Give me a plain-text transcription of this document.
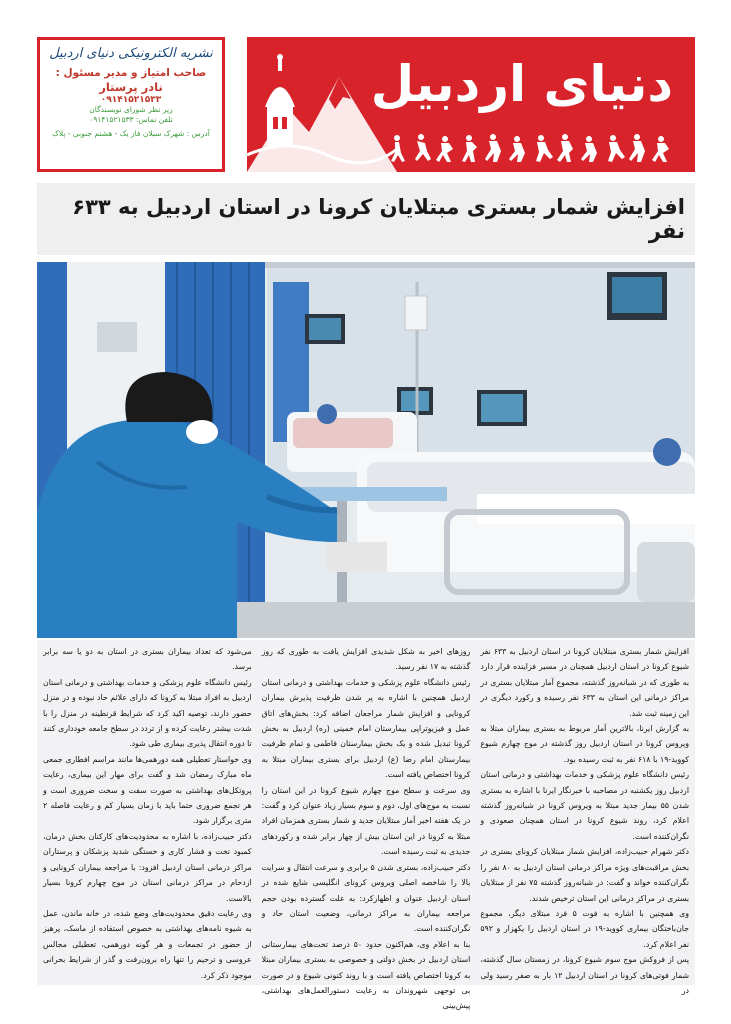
نشریه الکترونیکی دنیای اردبیل
صاحب امتیاز و مدیر مسئول :
نادر پرستار
۰۹۱۴۱۵۲۱۵۳۳
زیر نظر شورای نویسندگان
تلفن تماس: ۰۹۱۴۱۵۲۱۵۳۳
آدرس : شهرک سبلان فاز یک - هشتم جنوبی - پلاک
دنیای اردبیل
افزایش شمار بستری مبتلایان کرونا در استان اردبیل به ۶۳۳ نفر

افزایش شمار بستری مبتلایان کرونا در استان اردبیل به ۶۳۳ نفر شیوع کرونا در استان اردبیل همچنان در مسیر فزاینده قرار دارد به طوری که در شبانه‌روز گذشته، مجموع آمار مبتلایان بستری در مراکز درمانی این استان به ۶۳۳ نفر رسیده و رکورد دیگری در این زمینه ثبت شد.

به گزارش ایرنا، بالاترین آمار مربوط به بستری بیماران مبتلا به ویروس کرونا در استان اردبیل روز گذشته در موج چهارم شیوع کووید-۱۹ با ۶۱۸ نفر به ثبت رسیده بود.

رئیس دانشگاه علوم پزشکی و خدمات بهداشتی و درمانی استان اردبیل روز یکشنبه در مصاحبه با خبرنگار ایرنا با اشاره به بستری شدن ۵۵ بیمار جدید مبتلا به ویروس کرونا در شبانه‌روز گذشته اعلام کرد، روند شیوع کرونا در استان همچنان صعودی و نگران‌کننده است.

دکتر شهرام حبیب‌زاده، افزایش شمار مبتلایان کرونای بستری در بخش مراقبت‌های ویژه مراکز درمانی استان اردبیل به ۸۰ نفر را نگران‌کننده خواند و گفت: در شبانه‌روز گذشته ۷۵ نفر از مبتلایان بستری در مراکز درمانی این استان ترخیص شدند.

وی همچنین با اشاره به فوت ۵ فرد مبتلای دیگر، مجموع جان‌باختگان بیماری کووید-۱۹ در استان اردبیل را یکهزار و ۵۹۲ نفر اعلام کرد.

پس از فروکش موج سوم شیوع کرونا، در زمستان سال گذشته، شمار فوتی‌های کرونا در استان اردبیل ۱۲ بار به صفر رسید ولی در

روزهای اخیر به شکل شدیدی افزایش یافت به طوری که روز گذشته به ۱۷ نفر رسید.

رئیس دانشگاه علوم پزشکی و خدمات بهداشتی و درمانی استان اردبیل همچنین با اشاره به پر شدن ظرفیت پذیرش بیماران کرونایی و افزایش شمار مراجعان اضافه کرد: بخش‌های اتاق عمل و فیزیوتراپی بیمارستان امام خمینی (ره) اردبیل به بخش کرونا تبدیل شده و یک بخش بیمارستان فاطمی و تمام ظرفیت بیمارستان امام رضا (ع) اردبیل برای بستری بیماران مبتلا به کرونا اختصاص یافته است.

وی سرعت و سطح موج چهارم شیوع کرونا در این استان را نسبت به موج‌های اول، دوم و سوم بسیار زیاد عنوان کرد و گفت: در یک هفته اخیر آمار مبتلایان جدید و شمار بستری همزمان افراد مبتلا به کرونا در این استان بیش از چهار برابر شده و رکوردهای جدیدی به ثبت رسیده است.

دکتر حبیب‌زاده، بستری شدن ۵ برابری و سرعت انتقال و سرایت بالا را شاخصه اصلی ویروس کرونای انگلیسی شایع شده در استان اردبیل عنوان و اظهارکرد: به علت گسترده بودن حجم مراجعه بیماران به مراکز درمانی، وضعیت استان حاد و نگران‌کننده است.

بنا به اعلام وی، هم‌اکنون حدود ۵۰ درصد تخت‌های بیمارستانی استان اردبیل در بخش دولتی و خصوصی به بستری بیماران مبتلا به کرونا اختصاص یافته است و با روند کنونی شیوع و در صورت بی توجهی شهروندان به رعایت دستورالعمل‌های بهداشتی، پیش‌بینی

می‌شود که تعداد بیماران بستری در استان به دو یا سه برابر برسد.

رئیس دانشگاه علوم پزشکی و خدمات بهداشتی و درمانی استان اردبیل به افراد مبتلا به کرونا که دارای علائم حاد نبوده و در منزل حضور دارند، توصیه اکید کرد که شرایط قرنطینه در منزل را با شدت بیشتر رعایت کرده و از تردد در سطح جامعه خودداری کنند تا دوره انتقال پذیری بیماری طی شود.

وی خواستار تعطیلی همه دورهمی‌ها مانند مراسم افطاری جمعی ماه مبارک رمضان شد و گفت برای مهار این بیماری، رعایت پروتکل‌های بهداشتی به صورت سفت و سخت ضروری است و هر تجمع ضروری حتما باید با زمان بسیار کم و رعایت فاصله ۲ متری برگزار شود.

دکتر حبیب‌زاده، با اشاره به محدودیت‌های کارکنان بخش درمان، کمبود تخت و فشار کاری و خستگی شدید پزشکان و پرستاران مراکز درمانی استان اردبیل افزود: با مراجعه بیماران کرونایی و ازدحام در مراکز درمانی استان در موج چهارم کرونا بسیار بالاست.

وی رعایت دقیق محدودیت‌های وضع شده، در خانه ماندن، عمل به شیوه نامه‌های بهداشتی به خصوص استفاده از ماسک، پرهیز از حضور در تجمعات و هر گونه دورهمی، تعطیلی مجالس عروسی و ترحیم را تنها راه برون‌رفت و گذر از شرایط بحرانی موجود ذکر کرد.
